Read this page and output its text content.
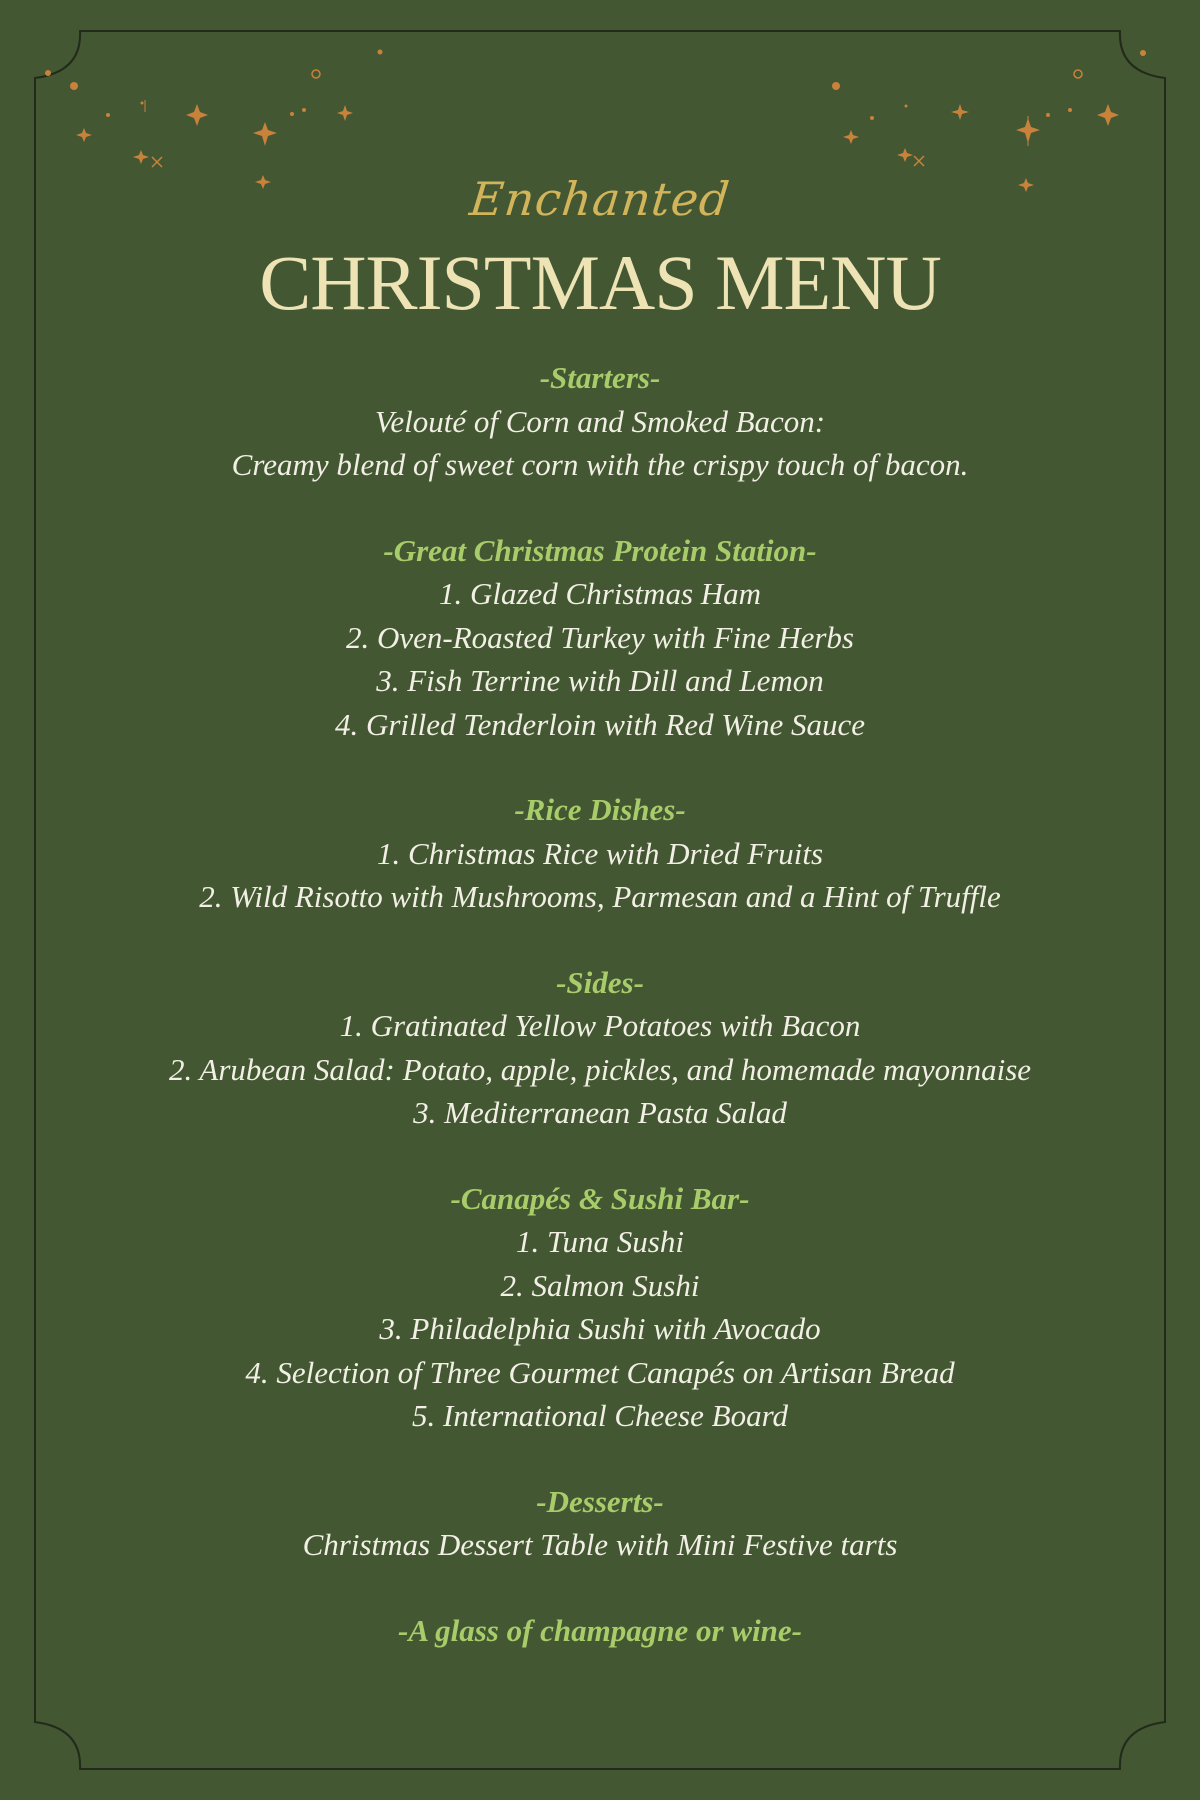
Enchanted
CHRISTMAS MENU
-Starters-
Velouté of Corn and Smoked Bacon:
Creamy blend of sweet corn with the crispy touch of bacon.
-Great Christmas Protein Station-
1. Glazed Christmas Ham
2. Oven-Roasted Turkey with Fine Herbs
3. Fish Terrine with Dill and Lemon
4. Grilled Tenderloin with Red Wine Sauce
-Rice Dishes-
1. Christmas Rice with Dried Fruits
2. Wild Risotto with Mushrooms, Parmesan and a Hint of Truffle
-Sides-
1. Gratinated Yellow Potatoes with Bacon
2. Arubean Salad: Potato, apple, pickles, and homemade mayonnaise
3. Mediterranean Pasta Salad
-Canapés & Sushi Bar-
1. Tuna Sushi
2. Salmon Sushi
3. Philadelphia Sushi with Avocado
4. Selection of Three Gourmet Canapés on Artisan Bread
5. International Cheese Board
-Desserts-
Christmas Dessert Table with Mini Festive tarts
-A glass of champagne or wine-
